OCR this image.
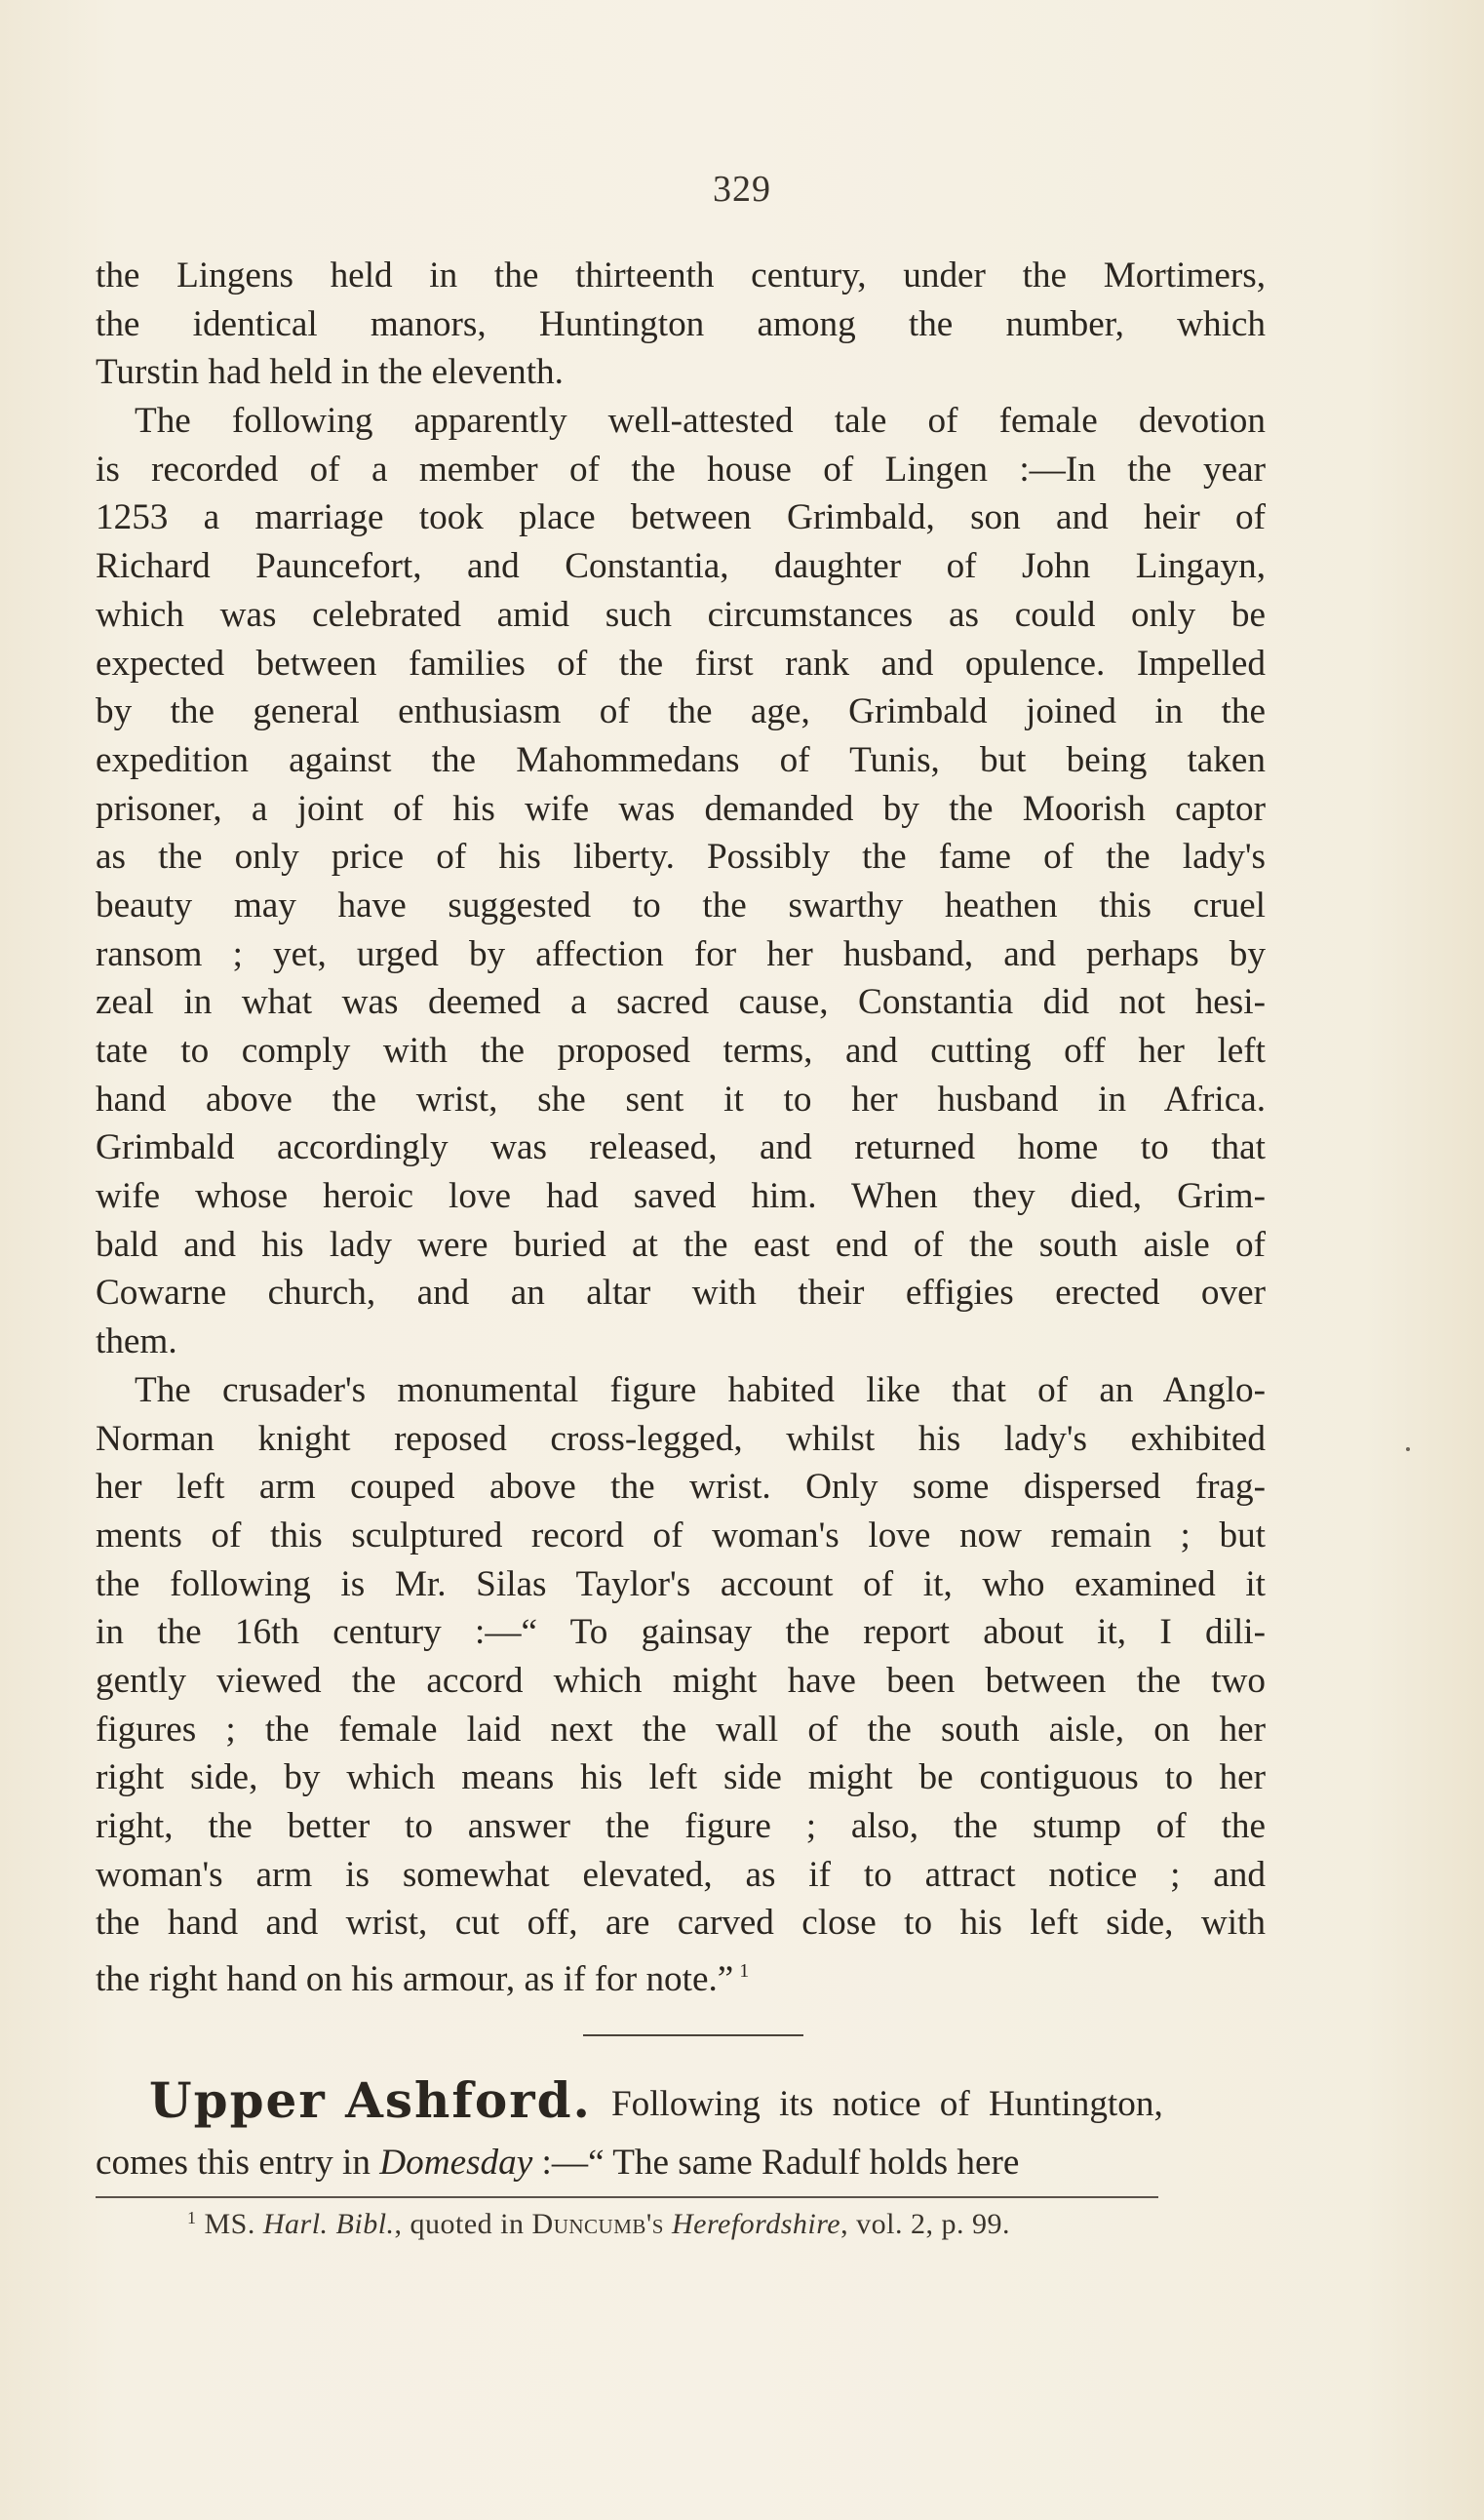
329
the Lingens held in the thirteenth century, under the Mortimers,
the identical manors, Huntington among the number, which
Turstin had held in the eleventh.
The following apparently well-attested tale of female devotion
is recorded of a member of the house of Lingen :—In the year
1253 a marriage took place between Grimbald, son and heir of
Richard Pauncefort, and Constantia, daughter of John Lingayn,
which was celebrated amid such circumstances as could only be
expected between families of the first rank and opulence. Impelled
by the general enthusiasm of the age, Grimbald joined in the
expedition against the Mahommedans of Tunis, but being taken
prisoner, a joint of his wife was demanded by the Moorish captor
as the only price of his liberty. Possibly the fame of the lady's
beauty may have suggested to the swarthy heathen this cruel
ransom ; yet, urged by affection for her husband, and perhaps by
zeal in what was deemed a sacred cause, Constantia did not hesi-
tate to comply with the proposed terms, and cutting off her left
hand above the wrist, she sent it to her husband in Africa.
Grimbald accordingly was released, and returned home to that
wife whose heroic love had saved him. When they died, Grim-
bald and his lady were buried at the east end of the south aisle of
Cowarne church, and an altar with their effigies erected over
them.
The crusader's monumental figure habited like that of an Anglo-
Norman knight reposed cross-legged, whilst his lady's exhibited
her left arm couped above the wrist. Only some dispersed frag-
ments of this sculptured record of woman's love now remain ; but
the following is Mr. Silas Taylor's account of it, who examined it
in the 16th century :—“ To gainsay the report about it, I dili-
gently viewed the accord which might have been between the two
figures ; the female laid next the wall of the south aisle, on her
right side, by which means his left side might be contiguous to her
right, the better to answer the figure ; also, the stump of the
woman's arm is somewhat elevated, as if to attract notice ; and
the hand and wrist, cut off, are carved close to his left side, with
the right hand on his armour, as if for note.” $^1$
Upper Ashford. Following its notice of Huntington,
comes this entry in Domesday :—“ The same Radulf holds here
$^1$ MS. Harl. Bibl., quoted in Duncumb's Herefordshire, vol. 2, p. 99.
